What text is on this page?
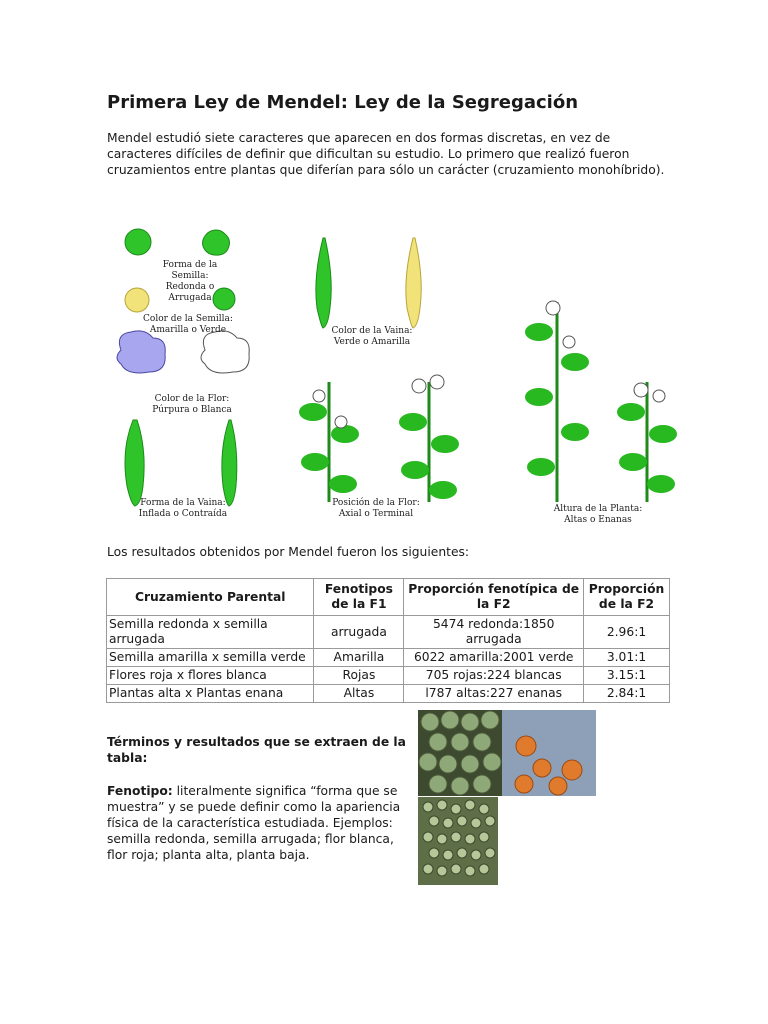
Primera Ley de Mendel: Ley de la Segregación

Mendel estudió siete caracteres que aparecen en dos formas discretas, en vez de caracteres difíciles de definir que dificultan su estudio. Lo primero que realizó fueron cruzamientos entre plantas que diferían para sólo un carácter (cruzamiento monohíbrido).

Forma de la Semilla:
Redonda o Arrugada
Color de la Semilla:
Amarilla o Verde
Color de la Flor:
Púrpura o Blanca
Forma de la Vaina:
Inflada o Contraída
Color de la Vaina:
Verde o Amarilla
Posición de la Flor:
Axial o Terminal	Altura de la Planta:
Altas o Enanas

Los resultados obtenidos por Mendel fueron los siguientes:

Cruzamiento Parental	Fenotipos de la F1	Proporción fenotípica de la F2	Proporción de la F2
Semilla redonda x semilla arrugada	arrugada	5474 redonda:1850 arrugada	2.96:1
Semilla amarilla x semilla verde	Amarilla	6022 amarilla:2001 verde	3.01:1
Flores roja x flores blanca	Rojas	705 rojas:224 blancas	3.15:1
Plantas alta x Plantas enana	Altas	l787 altas:227 enanas	2.84:1

Términos y resultados que se extraen de la tabla:

Fenotipo: literalmente significa “forma que se muestra” y se puede definir como la apariencia física de la característica estudiada. Ejemplos: semilla redonda, semilla arrugada; flor blanca, flor roja; planta alta, planta baja.
